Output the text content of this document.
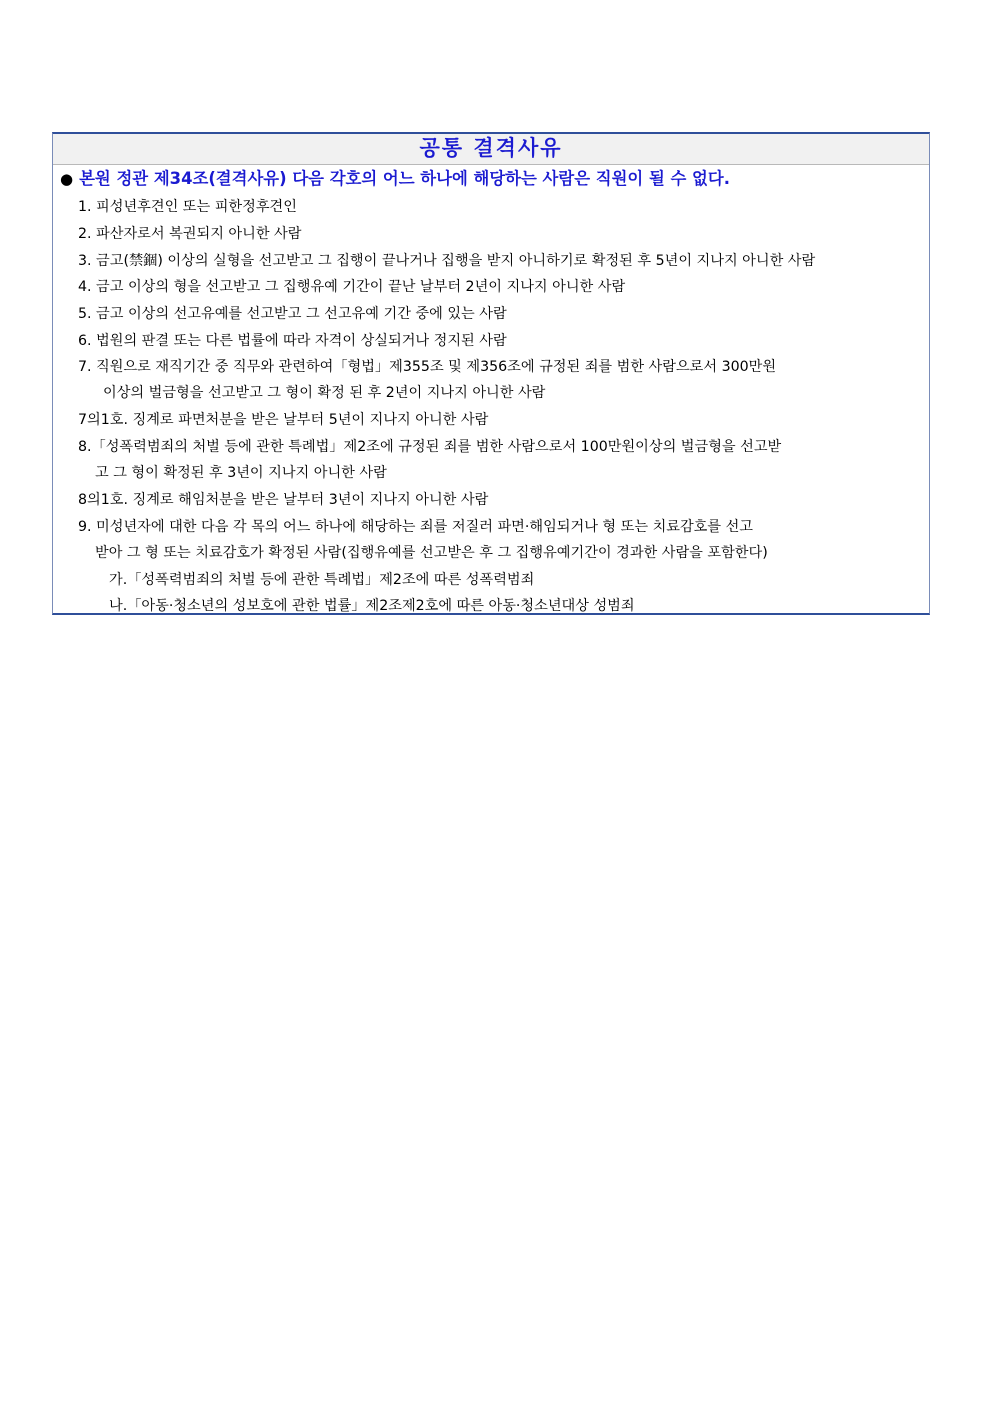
공통 결격사유
● 본원 정관 제34조(결격사유) 다음 각호의 어느 하나에 해당하는 사람은 직원이 될 수 없다.
1. 피성년후견인 또는 피한정후견인
2. 파산자로서 복권되지 아니한 사람
3. 금고(禁錮) 이상의 실형을 선고받고 그 집행이 끝나거나 집행을 받지 아니하기로 확정된 후 5년이 지나지 아니한 사람
4. 금고 이상의 형을 선고받고 그 집행유예 기간이 끝난 날부터 2년이 지나지 아니한 사람
5. 금고 이상의 선고유예를 선고받고 그 선고유예 기간 중에 있는 사람
6. 법원의 판결 또는 다른 법률에 따라 자격이 상실되거나 정지된 사람
7. 직원으로 재직기간 중 직무와 관련하여「형법」제355조 및 제356조에 규정된 죄를 범한 사람으로서 300만원
이상의 벌금형을 선고받고 그 형이 확정 된 후 2년이 지나지 아니한 사람
7의1호. 징계로 파면처분을 받은 날부터 5년이 지나지 아니한 사람
8.「성폭력범죄의 처벌 등에 관한 특례법」제2조에 규정된 죄를 범한 사람으로서 100만원이상의 벌금형을 선고받
고 그 형이 확정된 후 3년이 지나지 아니한 사람
8의1호. 징계로 해임처분을 받은 날부터 3년이 지나지 아니한 사람
9. 미성년자에 대한 다음 각 목의 어느 하나에 해당하는 죄를 저질러 파면·해임되거나 형 또는 치료감호를 선고
받아 그 형 또는 치료감호가 확정된 사람(집행유예를 선고받은 후 그 집행유예기간이 경과한 사람을 포함한다)
가.「성폭력범죄의 처벌 등에 관한 특례법」제2조에 따른 성폭력범죄
나.「아동·청소년의 성보호에 관한 법률」제2조제2호에 따른 아동·청소년대상 성범죄
